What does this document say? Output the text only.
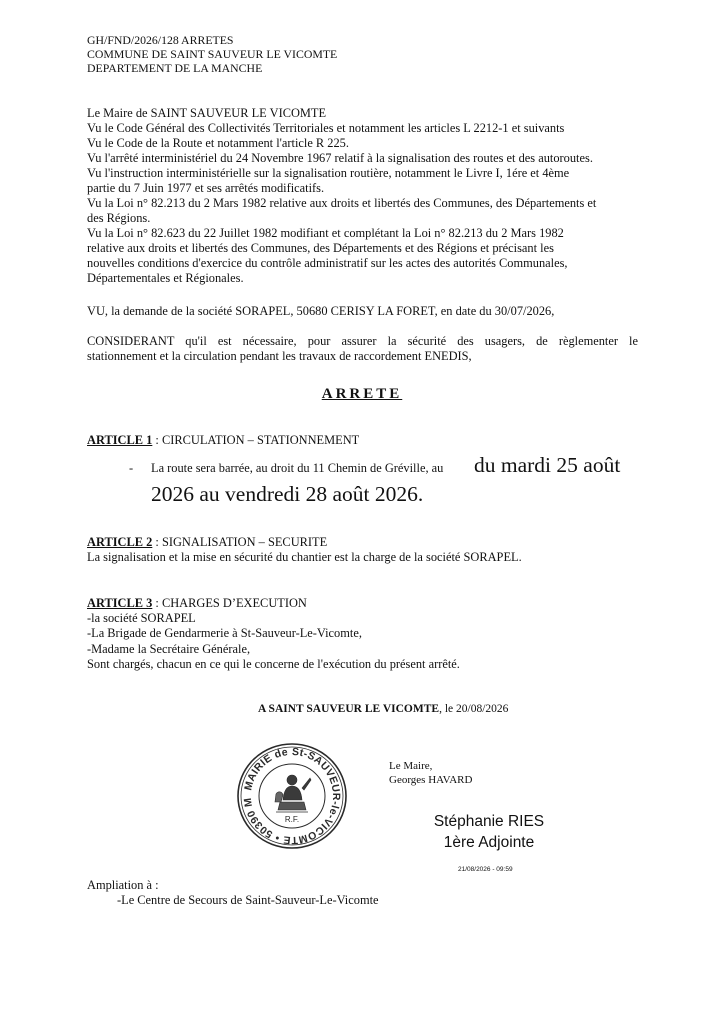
GH/FND/2026/128 ARRETES
COMMUNE DE SAINT SAUVEUR LE VICOMTE
DEPARTEMENT DE LA MANCHE
Le Maire de SAINT SAUVEUR LE VICOMTE
Vu le Code Général des Collectivités Territoriales et notamment les articles L 2212-1 et suivants
Vu le Code de la Route et notamment l'article R 225.
Vu l'arrêté interministériel du 24 Novembre 1967 relatif à la signalisation des routes et des autoroutes.
Vu l'instruction interministérielle sur la signalisation routière, notamment le Livre I, 1ére et 4ème
partie du 7 Juin 1977 et ses arrêtés modificatifs.
Vu la Loi n° 82.213 du 2 Mars 1982 relative aux droits et libertés des Communes, des Départements et
des Régions.
Vu la Loi n° 82.623 du 22 Juillet 1982 modifiant et complétant la Loi n° 82.213 du 2 Mars 1982
relative aux droits et libertés des Communes, des Départements et des Régions et précisant les
nouvelles conditions d'exercice du contrôle administratif sur les actes des autorités Communales,
Départementales et Régionales.
VU, la demande de la société SORAPEL, 50680 CERISY LA FORET, en date du 30/07/2026,
CONSIDERANT qu'il est nécessaire, pour assurer la sécurité des usagers, de règlementer le
stationnement et la circulation pendant les travaux de raccordement ENEDIS,
ARRETE
ARTICLE 1 : CIRCULATION – STATIONNEMENT
- La route sera barrée, au droit du 11 Chemin de Gréville, au du mardi 25 août
2026 au vendredi 28 août 2026.
ARTICLE 2 : SIGNALISATION – SECURITE
La signalisation et la mise en sécurité du chantier est la charge de la société SORAPEL.
ARTICLE 3 : CHARGES D’EXECUTION
-la société SORAPEL
-La Brigade de Gendarmerie à St-Sauveur-Le-Vicomte,
-Madame la Secrétaire Générale,
Sont chargés, chacun en ce qui le concerne de l'exécution du présent arrêté.
A SAINT SAUVEUR LE VICOMTE, le 20/08/2026
MAIRIE de St-SAUVEUR-le-VICOMTE • 50390 M
R.F.
Le Maire,
Georges HAVARD
Stéphanie RIES
1ère Adjointe
21/08/2026 - 09:59
Ampliation à :
-Le Centre de Secours de Saint-Sauveur-Le-Vicomte
